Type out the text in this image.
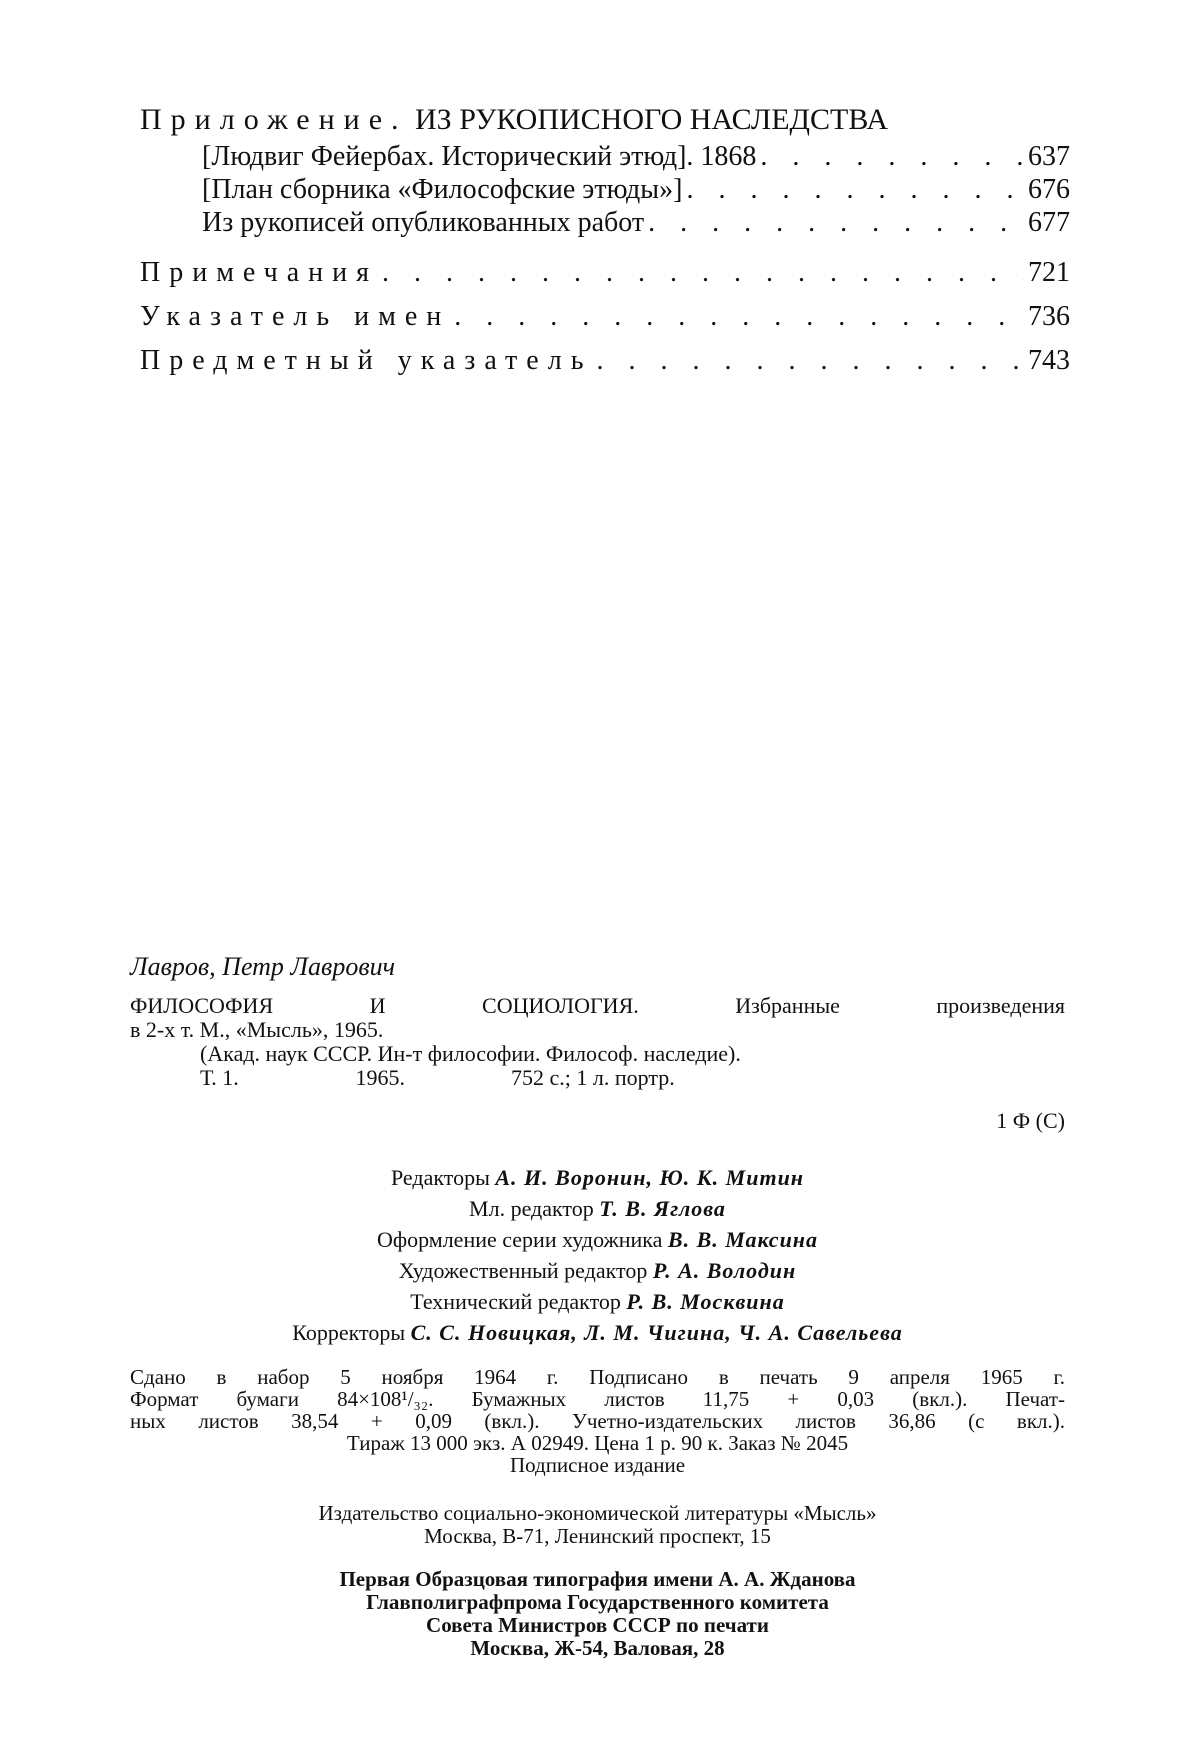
Приложение. ИЗ РУКОПИСНОГО НАСЛЕДСТВА
[Людвиг Фейербах. Исторический этюд]. 1868 . . .	637
[План сборника «Философские этюды»] . . .	676
Из рукописей опубликованных работ . . .	677
Примечания . . .	721
Указатель имен . . .	736
Предметный указатель . . .	743
Лавров, Петр Лаврович

ФИЛОСОФИЯ И СОЦИОЛОГИЯ. Избранные произведения

в 2-х т. М., «Мысль», 1965.

(Акад. наук СССР. Ин-т философии. Философ. наследие).

Т. 1.	1965.	752 с.; 1 л. портр.

1 Ф (С)

Редакторы А. И. Воронин, Ю. К. Митин

Мл. редактор Т. В. Яглова

Оформление серии художника В. В. Максина

Художественный редактор Р. А. Володин

Технический редактор Р. В. Москвина

Корректоры С. С. Новицкая, Л. М. Чигина, Ч. А. Савельева

Сдано в набор 5 ноября 1964 г. Подписано в печать 9 апреля 1965 г.

Формат бумаги 84×108¹/₃₂. Бумажных листов 11,75 + 0,03 (вкл.). Печат-

ных листов 38,54 + 0,09 (вкл.). Учетно-издательских листов 36,86 (с вкл.).

Тираж 13 000 экз. А 02949. Цена 1 р. 90 к. Заказ № 2045

Подписное издание

Издательство социально-экономической литературы «Мысль»

Москва, В-71, Ленинский проспект, 15

Первая Образцовая типография имени А. А. Жданова

Главполиграфпрома Государственного комитета

Совета Министров СССР по печати

Москва, Ж-54, Валовая, 28
